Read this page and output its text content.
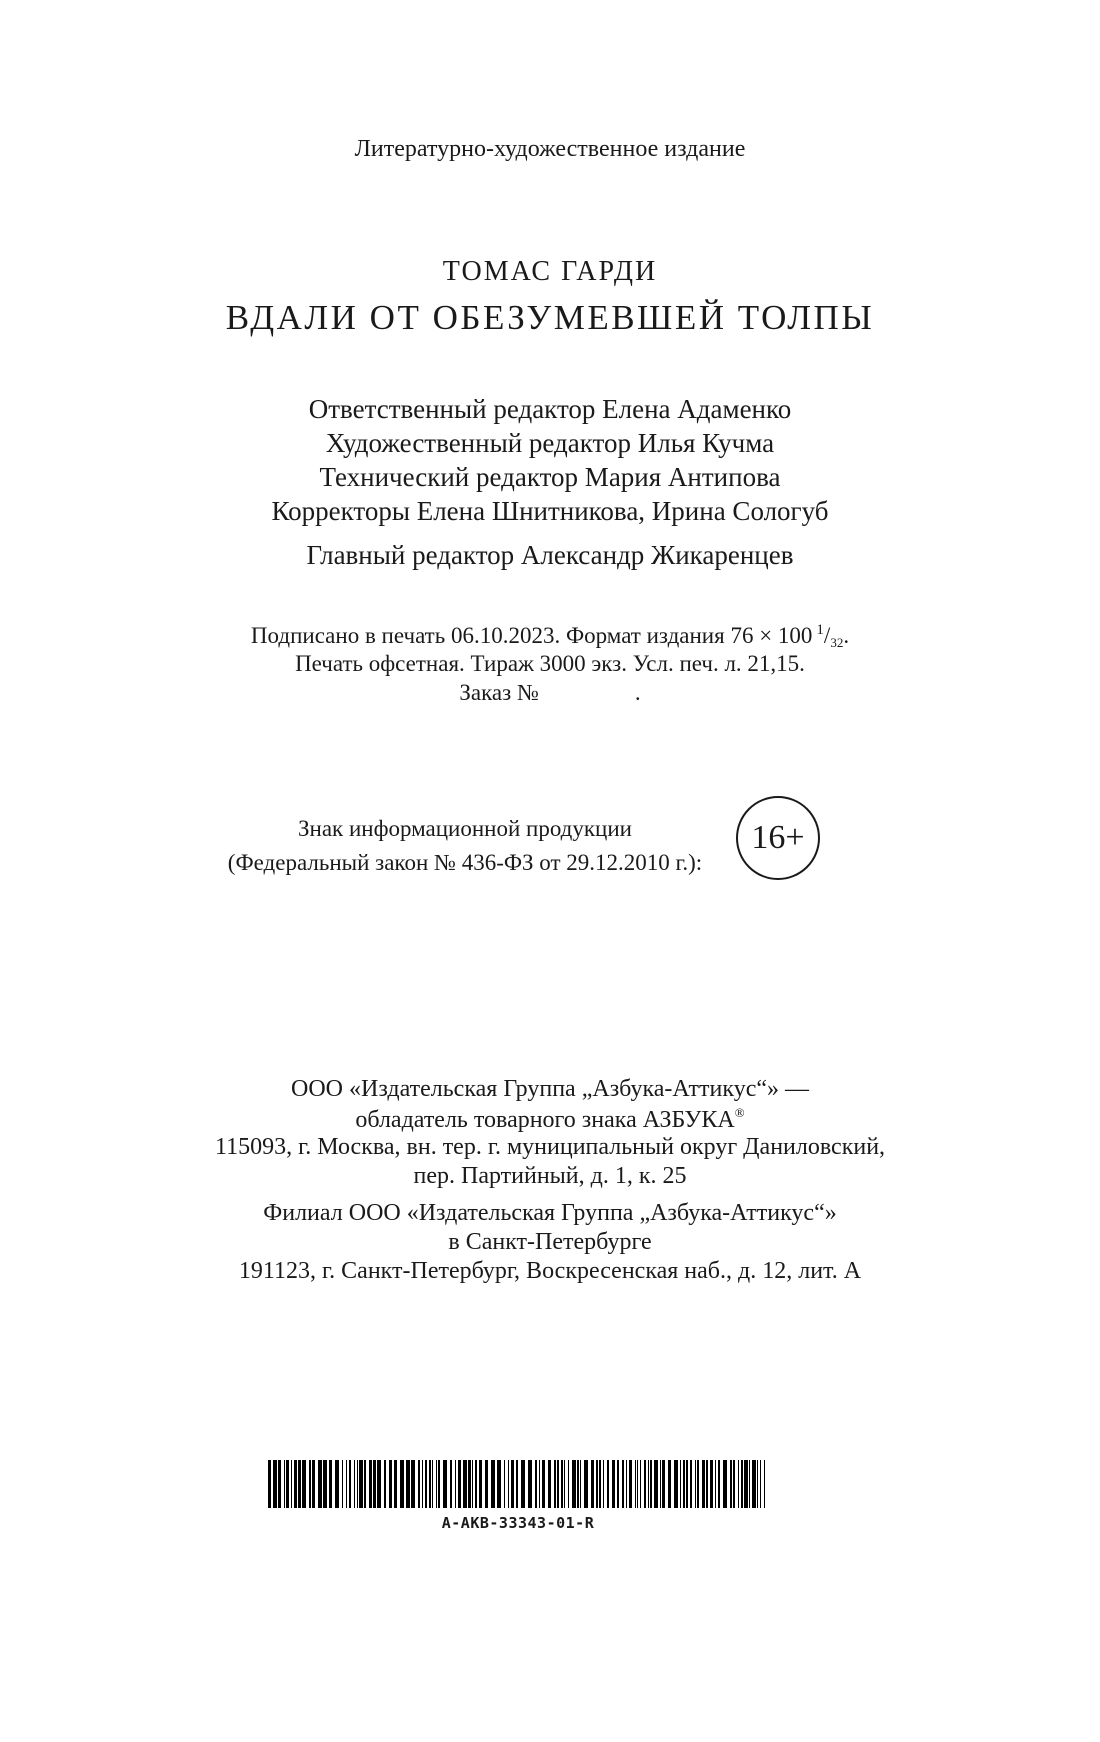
Литературно-художественное издание
ТОМАС ГАРДИ
ВДАЛИ ОТ ОБЕЗУМЕВШЕЙ ТОЛПЫ
Ответственный редактор Елена Адаменко
Художественный редактор Илья Кучма
Технический редактор Мария Антипова
Корректоры Елена Шнитникова, Ирина Сологуб
Главный редактор Александр Жикаренцев
Подписано в печать 06.10.2023. Формат издания 76 × 100 $^1$/32.
Печать офсетная. Тираж 3000 экз. Усл. печ. л. 21,15.
Заказ №	.
Знак информационной продукции
(Федеральный закон № 436-ФЗ от 29.12.2010 г.):
16+
ООО «Издательская Группа „Азбука-Аттикус“» —
обладатель товарного знака АЗБУКА®
115093, г. Москва, вн. тер. г. муниципальный округ Даниловский,
пер. Партийный, д. 1, к. 25
Филиал ООО «Издательская Группа „Азбука-Аттикус“»
в Санкт-Петербурге
191123, г. Санкт-Петербург, Воскресенская наб., д. 12, лит. А
A-AKB-33343-01-R
